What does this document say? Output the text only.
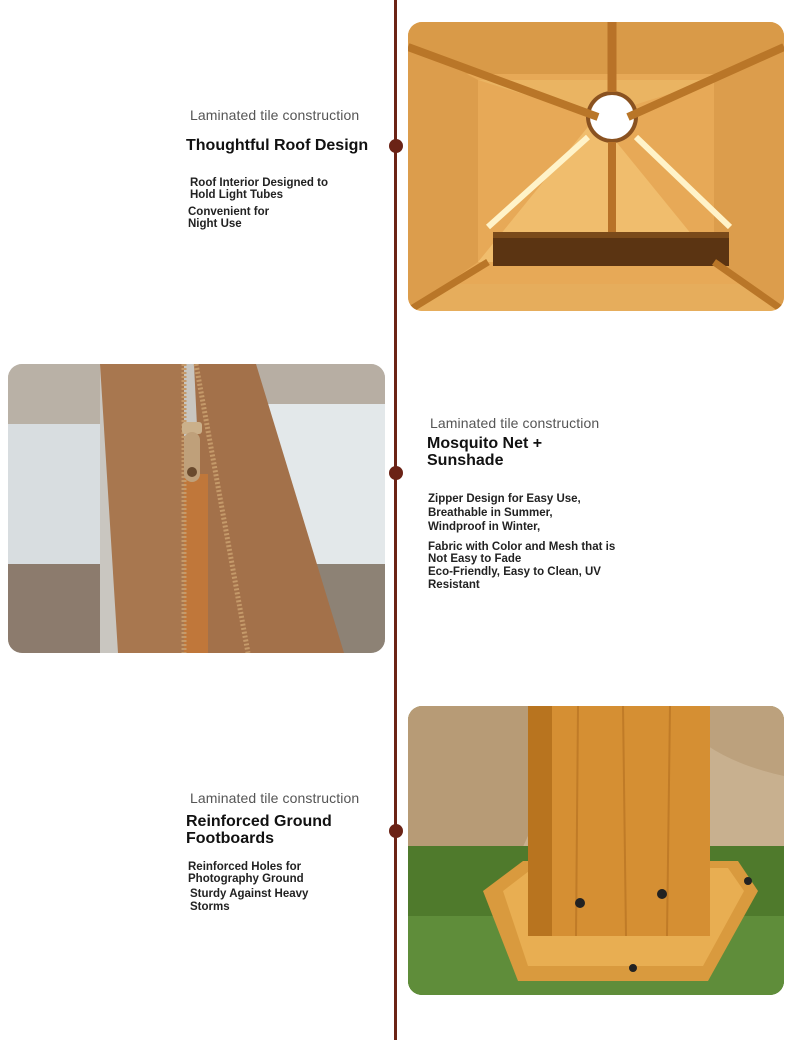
Laminated tile construction
Thoughtful Roof Design
Roof Interior Designed to
Hold Light Tubes
Convenient for
Night Use
Laminated tile construction
Mosquito Net +
Sunshade
Zipper Design for Easy Use,
Breathable in Summer,
Windproof in Winter,
Fabric with Color and Mesh that is
Not Easy to Fade
Eco-Friendly, Easy to Clean, UV
Resistant
Laminated tile construction
Reinforced Ground
Footboards
Reinforced Holes for
Photography Ground
Sturdy Against Heavy
Storms
